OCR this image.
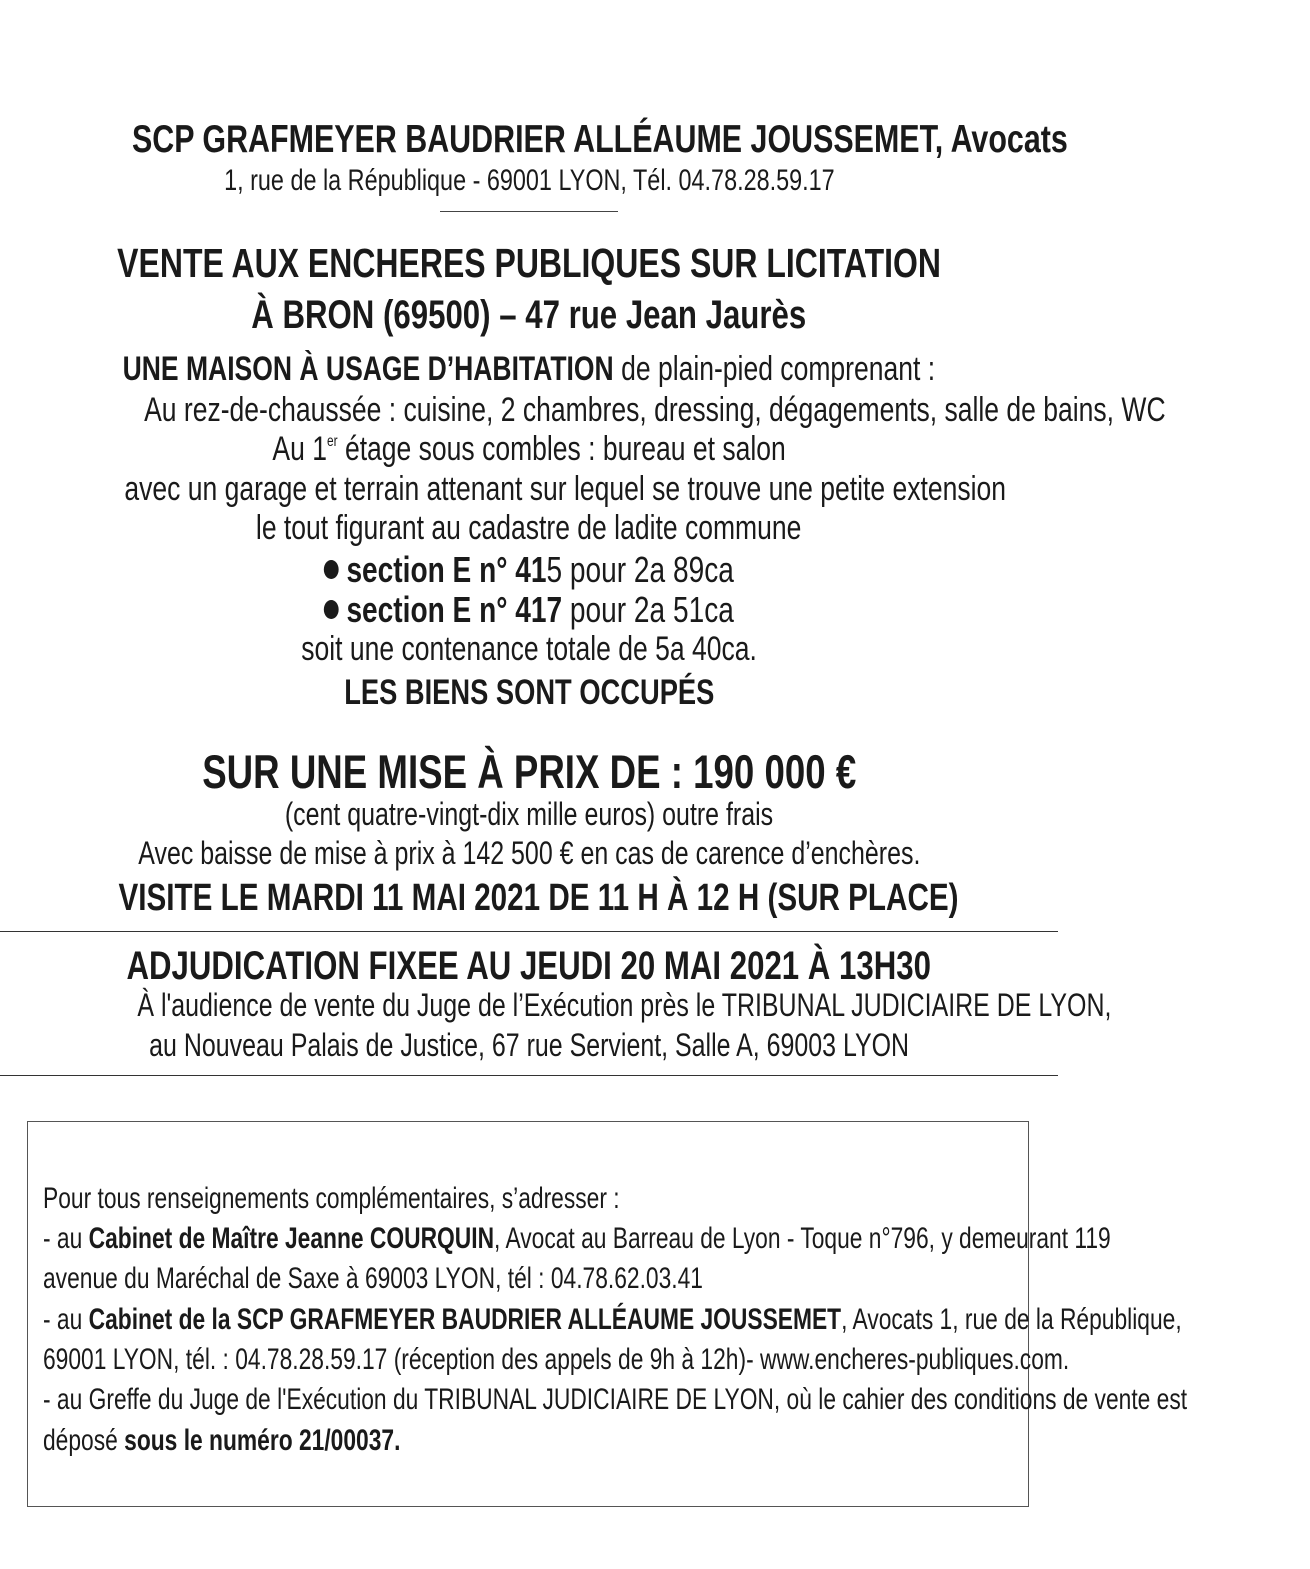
SCP GRAFMEYER BAUDRIER ALLÉAUME JOUSSEMET, Avocats
1, rue de la République - 69001 LYON, Tél. 04.78.28.59.17
VENTE AUX ENCHERES PUBLIQUES SUR LICITATION
À BRON (69500) – 47 rue Jean Jaurès
UNE MAISON À USAGE D’HABITATION de plain-pied comprenant :
Au rez-de-chaussée : cuisine, 2 chambres, dressing, dégagements, salle de bains, WC
Au 1er étage sous combles : bureau et salon
avec un garage et terrain attenant sur lequel se trouve une petite extension
le tout figurant au cadastre de ladite commune
section E n° 415 pour 2a 89ca
section E n° 417 pour 2a 51ca
soit une contenance totale de 5a 40ca.
LES BIENS SONT OCCUPÉS
SUR UNE MISE À PRIX DE : 190 000 €
(cent quatre-vingt-dix mille euros) outre frais
Avec baisse de mise à prix à 142 500 € en cas de carence d’enchères.
VISITE LE MARDI 11 MAI 2021 DE 11 H À 12 H (SUR PLACE)
ADJUDICATION FIXEE AU JEUDI 20 MAI 2021 À 13H30
À l'audience de vente du Juge de l’Exécution près le TRIBUNAL JUDICIAIRE DE LYON,
au Nouveau Palais de Justice, 67 rue Servient, Salle A, 69003 LYON
Pour tous renseignements complémentaires, s’adresser :
- au Cabinet de Maître Jeanne COURQUIN, Avocat au Barreau de Lyon - Toque n°796, y demeurant 119
avenue du Maréchal de Saxe à 69003 LYON, tél : 04.78.62.03.41
- au Cabinet de la SCP GRAFMEYER BAUDRIER ALLÉAUME JOUSSEMET, Avocats 1, rue de la République,
69001 LYON, tél. : 04.78.28.59.17 (réception des appels de 9h à 12h)- www.encheres-publiques.com.
- au Greffe du Juge de l'Exécution du TRIBUNAL JUDICIAIRE DE LYON, où le cahier des conditions de vente est
déposé sous le numéro 21/00037.
